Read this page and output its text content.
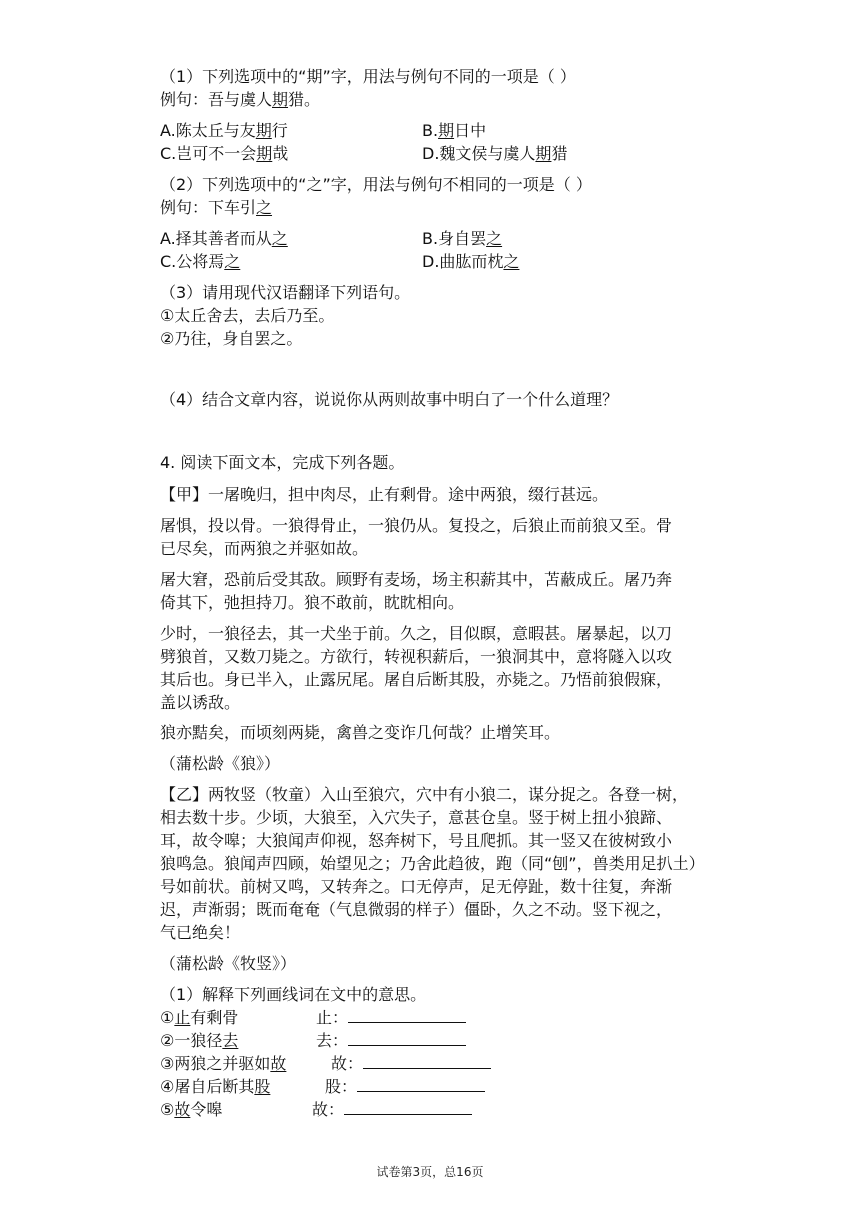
（1）下列选项中的“期”字，用法与例句不同的一项是（ ）
例句：吾与虞人期猎。
A.陈太丘与友期行	B.期日中
C.岂可不一会期哉	D.魏文侯与虞人期猎
（2）下列选项中的“之”字，用法与例句不相同的一项是（ ）
例句：下车引之
A.择其善者而从之	B.身自罢之
C.公将焉之	D.曲肱而枕之
（3）请用现代汉语翻译下列语句。
①太丘舍去，去后乃至。
②乃往，身自罢之。
（4）结合文章内容，说说你从两则故事中明白了一个什么道理？
4. 阅读下面文本，完成下列各题。
【甲】一屠晚归，担中肉尽，止有剩骨。途中两狼，缀行甚远。
屠惧，投以骨。一狼得骨止，一狼仍从。复投之，后狼止而前狼又至。骨
已尽矣，而两狼之并驱如故。
屠大窘，恐前后受其敌。顾野有麦场，场主积薪其中，苫蔽成丘。屠乃奔
倚其下，弛担持刀。狼不敢前，眈眈相向。
少时，一狼径去，其一犬坐于前。久之，目似瞑，意暇甚。屠暴起，以刀
劈狼首，又数刀毙之。方欲行，转视积薪后，一狼洞其中，意将隧入以攻
其后也。身已半入，止露尻尾。屠自后断其股，亦毙之。乃悟前狼假寐，
盖以诱敌。
狼亦黠矣，而顷刻两毙，禽兽之变诈几何哉？止增笑耳。
（蒲松龄《狼》）
【乙】两牧竖（牧童）入山至狼穴，穴中有小狼二，谋分捉之。各登一树，
相去数十步。少顷，大狼至，入穴失子，意甚仓皇。竖于树上扭小狼蹄、
耳，故令嗥；大狼闻声仰视，怒奔树下，号且爬抓。其一竖又在彼树致小
狼鸣急。狼闻声四顾，始望见之；乃舍此趋彼，跑（同“刨”，兽类用足扒土）
号如前状。前树又鸣，又转奔之。口无停声，足无停趾，数十往复，奔渐
迟，声渐弱；既而奄奄（气息微弱的样子）僵卧，久之不动。竖下视之，
气已绝矣！
（蒲松龄《牧竖》）
（1）解释下列画线词在文中的意思。
①止有剩骨	止：
②一狼径去	去：
③两狼之并驱如故	故：
④屠自后断其股	股：
⑤故令嗥	故：
试卷第3页，总16页
